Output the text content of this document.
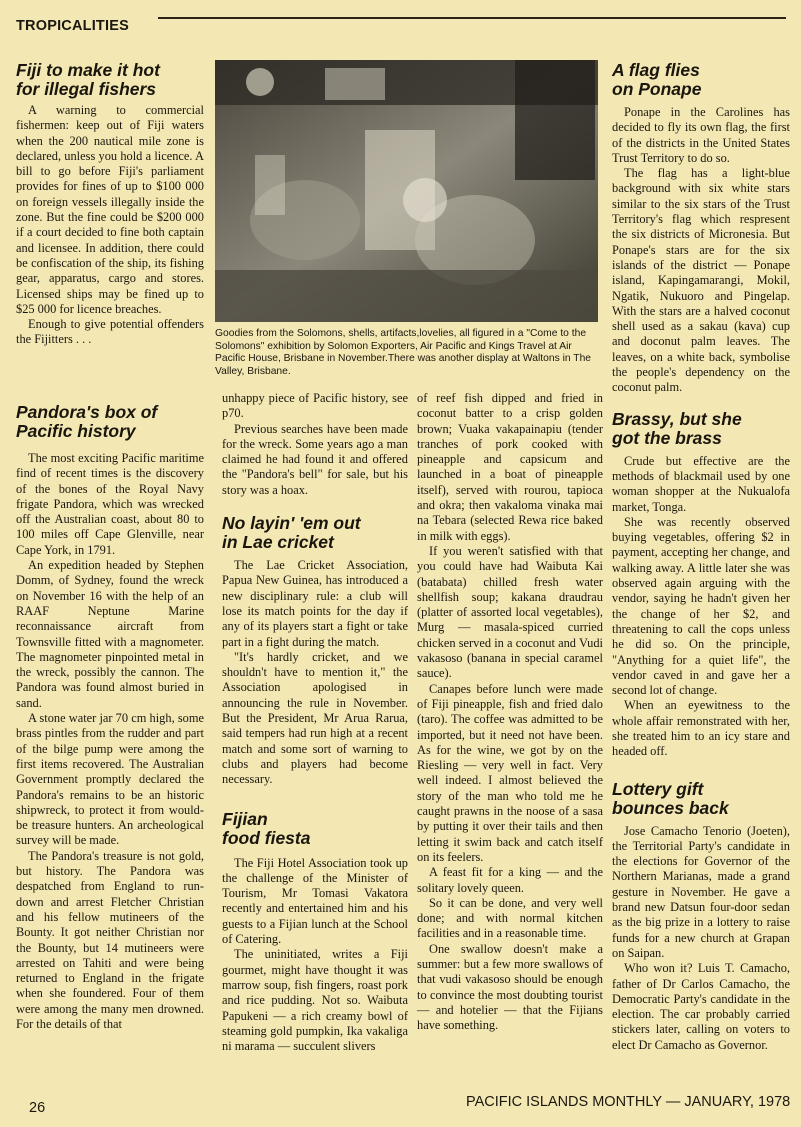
TROPICALITIES
Fiji to make it hot
for illegal fishers

A warning to commercial fishermen: keep out of Fiji waters when the 200 nautical mile zone is declared, unless you hold a licence. A bill to go before Fiji's parliament provides for fines of up to $100 000 on foreign vessels illegally inside the zone. But the fine could be $200 000 if a court decided to fine both captain and licensee. In addition, there could be confiscation of the ship, its fishing gear, apparatus, cargo and stores. Licensed ships may be fined up to $25 000 for licence breaches.

Enough to give potential offenders the Fijitters . . .

Pandora's box of
Pacific history

The most exciting Pacific maritime find of recent times is the discovery of the bones of the Royal Navy frigate Pandora, which was wrecked off the Australian coast, about 80 to 100 miles off Cape Glenville, near Cape York, in 1791.

An expedition headed by Stephen Domm, of Sydney, found the wreck on November 16 with the help of an RAAF Neptune Marine reconnaissance aircraft from Townsville fitted with a magnometer. The magnometer pinpointed metal in the wreck, possibly the cannon. The Pandora was found almost buried in sand.

A stone water jar 70 cm high, some brass pintles from the rudder and part of the bilge pump were among the first items recovered. The Australian Government promptly declared the Pandora's remains to be an historic shipwreck, to protect it from would-be treasure hunters. An archeological survey will be made.

The Pandora's treasure is not gold, but history. The Pandora was despatched from England to run-down and arrest Fletcher Christian and his fellow mutineers of the Bounty. It got neither Christian nor the Bounty, but 14 mutineers were arrested on Tahiti and were being returned to England in the frigate when she foundered. Four of them were among the many men drowned. For the details of that

Goodies from the Solomons, shells, artifacts,lovelies, all figured in a "Come to the Solomons" exhibition by Solomon Exporters, Air Pacific and Kings Travel at Air Pacific House, Brisbane in November.There was another display at Waltons in The Valley, Brisbane.

unhappy piece of Pacific history, see p70.

Previous searches have been made for the wreck. Some years ago a man claimed he had found it and offered the "Pandora's bell" for sale, but his story was a hoax.

No layin' 'em out
in Lae cricket

The Lae Cricket Association, Papua New Guinea, has introduced a new disciplinary rule: a club will lose its match points for the day if any of its players start a fight or take part in a fight during the match.

"It's hardly cricket, and we shouldn't have to mention it," the Association apologised in announcing the rule in November. But the President, Mr Arua Rarua, said tempers had run high at a recent match and some sort of warning to clubs and players had become necessary.

Fijian
food fiesta

The Fiji Hotel Association took up the challenge of the Minister of Tourism, Mr Tomasi Vakatora recently and entertained him and his guests to a Fijian lunch at the School of Catering.

The uninitiated, writes a Fiji gourmet, might have thought it was marrow soup, fish fingers, roast pork and rice pudding. Not so. Waibuta Papukeni — a rich creamy bowl of steaming gold pumpkin, Ika vakaliga ni marama — succulent slivers

of reef fish dipped and fried in coconut batter to a crisp golden brown; Vuaka vakapainapiu (tender tranches of pork cooked with pineapple and capsicum and launched in a boat of pineapple itself), served with rourou, tapioca and okra; then vakaloma vinaka mai na Tebara (selected Rewa rice baked in milk with eggs).

If you weren't satisfied with that you could have had Waibuta Kai (batabata) chilled fresh water shellfish soup; kakana draudrau (platter of assorted local vegetables), Murg — masala-spiced curried chicken served in a coconut and Vudi vakasoso (banana in special caramel sauce).

Canapes before lunch were made of Fiji pineapple, fish and fried dalo (taro). The coffee was admitted to be imported, but it need not have been. As for the wine, we got by on the Riesling — very well in fact. Very well indeed. I almost believed the story of the man who told me he caught prawns in the noose of a sasa by putting it over their tails and then letting it swim back and catch itself on its feelers.

A feast fit for a king — and the solitary lovely queen.

So it can be done, and very well done; and with normal kitchen facilities and in a reasonable time.

One swallow doesn't make a summer: but a few more swallows of that vudi vakasoso should be enough to convince the most doubting tourist — and hotelier — that the Fijians have something.

A flag flies
on Ponape

Ponape in the Carolines has decided to fly its own flag, the first of the districts in the United States Trust Territory to do so.

The flag has a light-blue background with six white stars similar to the six stars of the Trust Territory's flag which respresent the six districts of Micronesia. But Ponape's stars are for the six islands of the district — Ponape island, Kapingamarangi, Mokil, Ngatik, Nukuoro and Pingelap. With the stars are a halved coconut shell used as a sakau (kava) cup and doconut palm leaves. The leaves, on a white back, symbolise the people's dependency on the coconut palm.

Brassy, but she
got the brass

Crude but effective are the methods of blackmail used by one woman shopper at the Nukualofa market, Tonga.

She was recently observed buying vegetables, offering $2 in payment, accepting her change, and walking away. A little later she was observed again arguing with the vendor, saying he hadn't given her the change of her $2, and threatening to call the cops unless he did so. On the principle, "Anything for a quiet life", the vendor caved in and gave her a second lot of change.

When an eyewitness to the whole affair remonstrated with her, she treated him to an icy stare and headed off.

Lottery gift
bounces back

Jose Camacho Tenorio (Joeten), the Territorial Party's candidate in the elections for Governor of the Northern Marianas, made a grand gesture in November. He gave a brand new Datsun four-door sedan as the big prize in a lottery to raise funds for a new church at Grapan on Saipan.

Who won it? Luis T. Camacho, father of Dr Carlos Camacho, the Democratic Party's candidate in the election. The car probably carried stickers later, calling on voters to elect Dr Camacho as Governor.

26	PACIFIC ISLANDS MONTHLY — JANUARY, 1978
